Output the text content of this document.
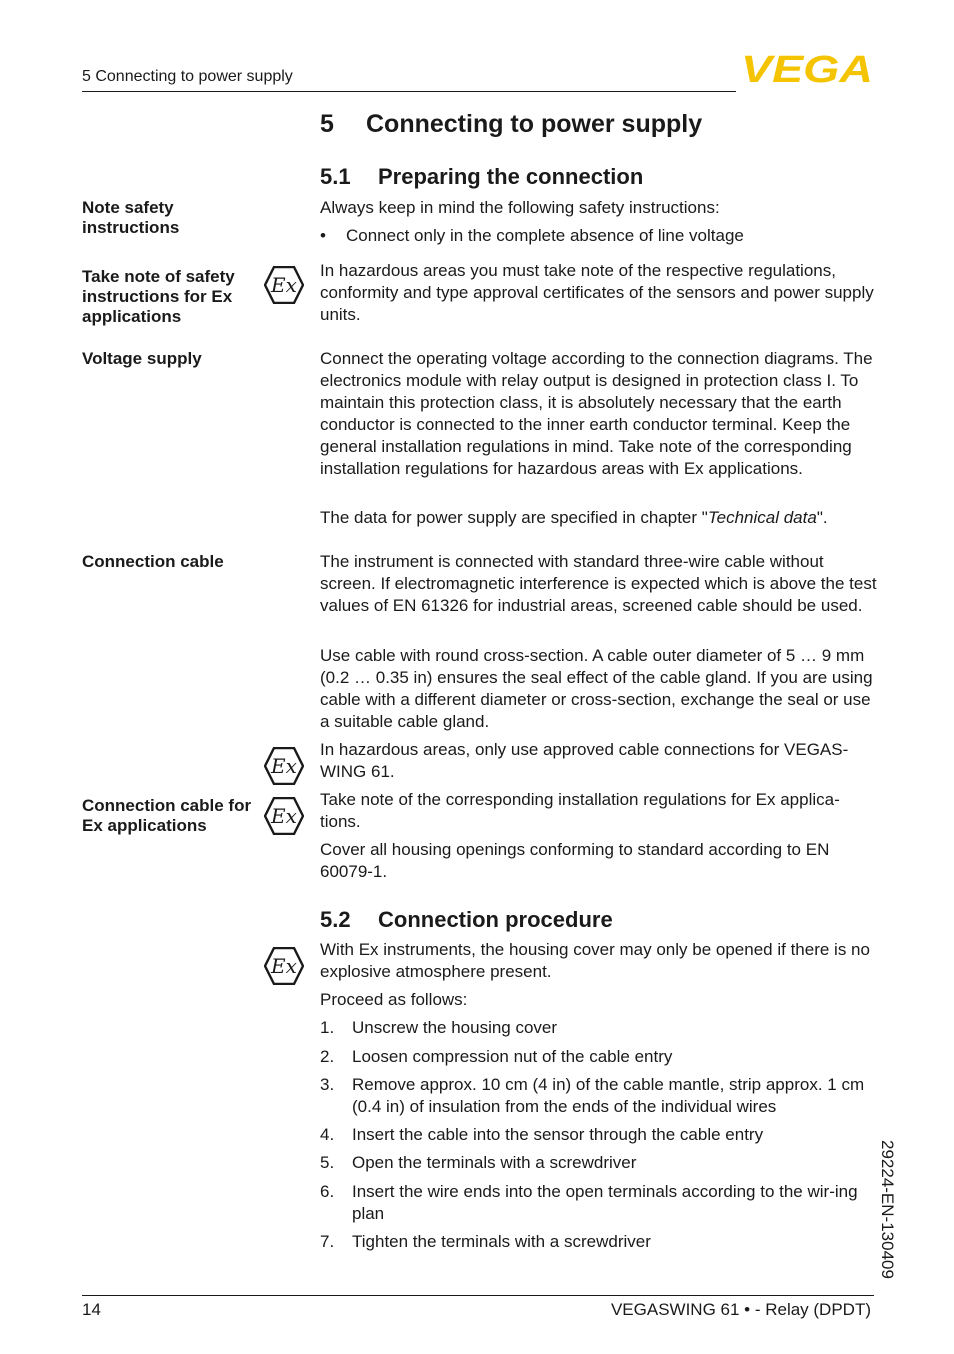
5 Connecting to power supply	VEGA
5 Connecting to power supply
5.1 Preparing the connection
Note safety instructions

Always keep in mind the following safety instructions:

• Connect only in the complete absence of line voltage
Take note of safety instructions for Ex applications
Ex

In hazardous areas you must take note of the respective regulations, conformity and type approval certificates of the sensors and power supply units.

Voltage supply	Connect the operating voltage according to the connection diagrams. The electronics module with relay output is designed in protection class I. To maintain this protection class, it is absolutely necessary that the earth conductor is connected to the inner earth conductor terminal. Keep the general installation regulations in mind. Take note of the corresponding installation regulations for hazardous areas with Ex applications.

The data for power supply are specified in chapter "Technical data".

Connection cable	The instrument is connected with standard three-wire cable without screen. If electromagnetic interference is expected which is above the test values of EN 61326 for industrial areas, screened cable should be used.

Use cable with round cross-section. A cable outer diameter of 5 … 9 mm (0.2 … 0.35 in) ensures the seal effect of the cable gland. If you are using cable with a different diameter or cross-section, exchange the seal or use a suitable cable gland.

Ex

In hazardous areas, only use approved cable connections for VEGAS-WING 61.

Connection cable for Ex applications	Ex

Take note of the corresponding installation regulations for Ex applica-tions.

Cover all housing openings conforming to standard according to EN 60079-1.

5.2 Connection procedure
Ex

With Ex instruments, the housing cover may only be opened if there is no explosive atmosphere present.

Proceed as follows:

1. Unscrew the housing cover
2. Loosen compression nut of the cable entry
3. Remove approx. 10 cm (4 in) of the cable mantle, strip approx. 1 cm (0.4 in) of insulation from the ends of the individual wires
4. Insert the cable into the sensor through the cable entry
5. Open the terminals with a screwdriver
6. Insert the wire ends into the open terminals according to the wir-ing plan
7. Tighten the terminals with a screwdriver	29224-EN-130409
14	VEGASWING 61 • - Relay (DPDT)
